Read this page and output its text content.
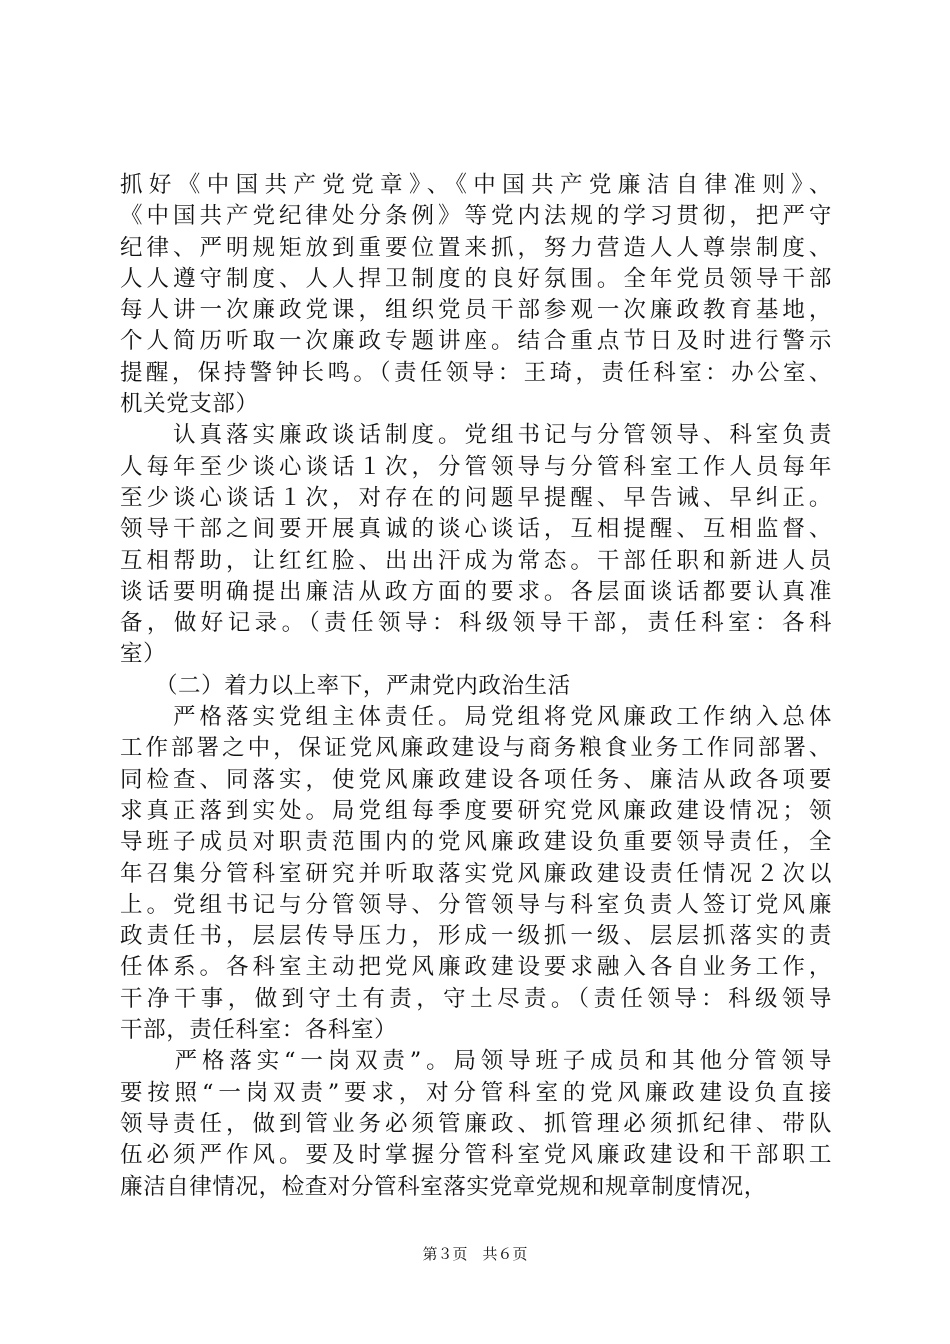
抓好《中国共产党党章》、《中国共产党廉洁自律准则》、
《中国共产党纪律处分条例》等党内法规的学习贯彻，把严守
纪律、严明规矩放到重要位置来抓，努力营造人人尊崇制度、
人人遵守制度、人人捍卫制度的良好氛围。全年党员领导干部
每人讲一次廉政党课，组织党员干部参观一次廉政教育基地，
个人简历听取一次廉政专题讲座。结合重点节日及时进行警示
提醒，保持警钟长鸣。（责任领导：王琦，责任科室：办公室、
机关党支部）
　　认真落实廉政谈话制度。党组书记与分管领导、科室负责
人每年至少谈心谈话１次，分管领导与分管科室工作人员每年
至少谈心谈话１次，对存在的问题早提醒、早告诫、早纠正。
领导干部之间要开展真诚的谈心谈话，互相提醒、互相监督、
互相帮助，让红红脸、出出汗成为常态。干部任职和新进人员
谈话要明确提出廉洁从政方面的要求。各层面谈话都要认真准
备，做好记录。（责任领导：科级领导干部，责任科室：各科
室）
　　（二）着力以上率下，严肃党内政治生活
　　严格落实党组主体责任。局党组将党风廉政工作纳入总体
工作部署之中，保证党风廉政建设与商务粮食业务工作同部署、
同检查、同落实，使党风廉政建设各项任务、廉洁从政各项要
求真正落到实处。局党组每季度要研究党风廉政建设情况；领
导班子成员对职责范围内的党风廉政建设负重要领导责任，全
年召集分管科室研究并听取落实党风廉政建设责任情况２次以
上。党组书记与分管领导、分管领导与科室负责人签订党风廉
政责任书，层层传导压力，形成一级抓一级、层层抓落实的责
任体系。各科室主动把党风廉政建设要求融入各自业务工作，
干净干事，做到守土有责，守土尽责。（责任领导：科级领导
干部，责任科室：各科室）
　　严格落实“一岗双责”。局领导班子成员和其他分管领导
要按照“一岗双责”要求，对分管科室的党风廉政建设负直接
领导责任，做到管业务必须管廉政、抓管理必须抓纪律、带队
伍必须严作风。要及时掌握分管科室党风廉政建设和干部职工
廉洁自律情况，检查对分管科室落实党章党规和规章制度情况，
第３页　共６页
